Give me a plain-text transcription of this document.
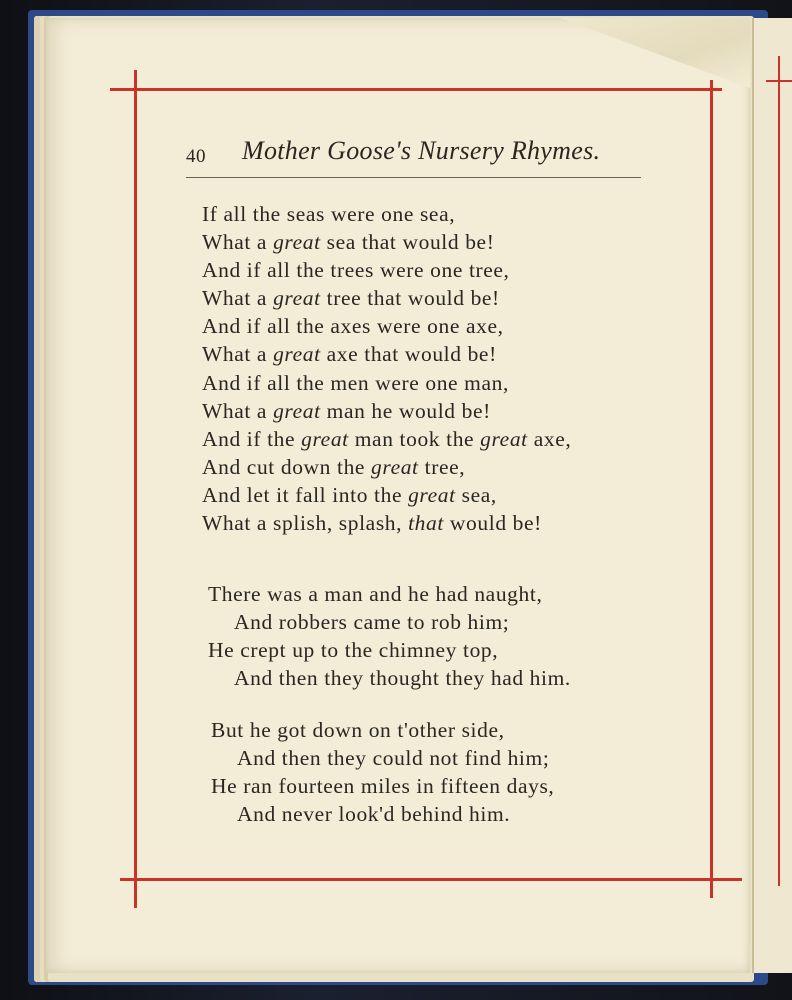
40 Mother Goose's Nursery Rhymes.
If all the seas were one sea,
What a great sea that would be!
And if all the trees were one tree,
What a great tree that would be!
And if all the axes were one axe,
What a great axe that would be!
And if all the men were one man,
What a great man he would be!
And if the great man took the great axe,
And cut down the great tree,
And let it fall into the great sea,
What a splish, splash, that would be!
There was a man and he had naught,
And robbers came to rob him;
He crept up to the chimney top,
And then they thought they had him.
But he got down on t'other side,
And then they could not find him;
He ran fourteen miles in fifteen days,
And never look'd behind him.
